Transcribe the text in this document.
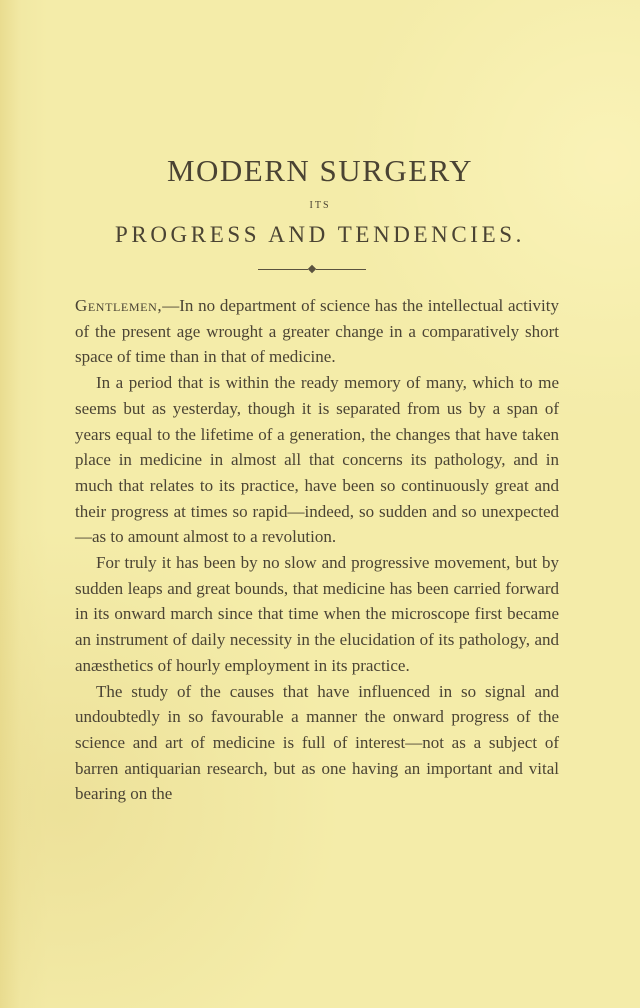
MODERN SURGERY
ITS
PROGRESS AND TENDENCIES.

Gentlemen,—In no department of science has the intellectual activity of the present age wrought a greater change in a comparatively short space of time than in that of medicine.

In a period that is within the ready memory of many, which to me seems but as yesterday, though it is separated from us by a span of years equal to the lifetime of a generation, the changes that have taken place in medicine in almost all that concerns its pathology, and in much that relates to its practice, have been so continuously great and their progress at times so rapid—indeed, so sudden and so unexpected—as to amount almost to a revolution.

For truly it has been by no slow and progressive movement, but by sudden leaps and great bounds, that medicine has been carried forward in its onward march since that time when the microscope first became an instrument of daily necessity in the elucidation of its pathology, and anæsthetics of hourly employment in its practice.

The study of the causes that have influenced in so signal and undoubtedly in so favourable a manner the onward progress of the science and art of medicine is full of interest—not as a subject of barren antiquarian research, but as one having an important and vital bearing on the
